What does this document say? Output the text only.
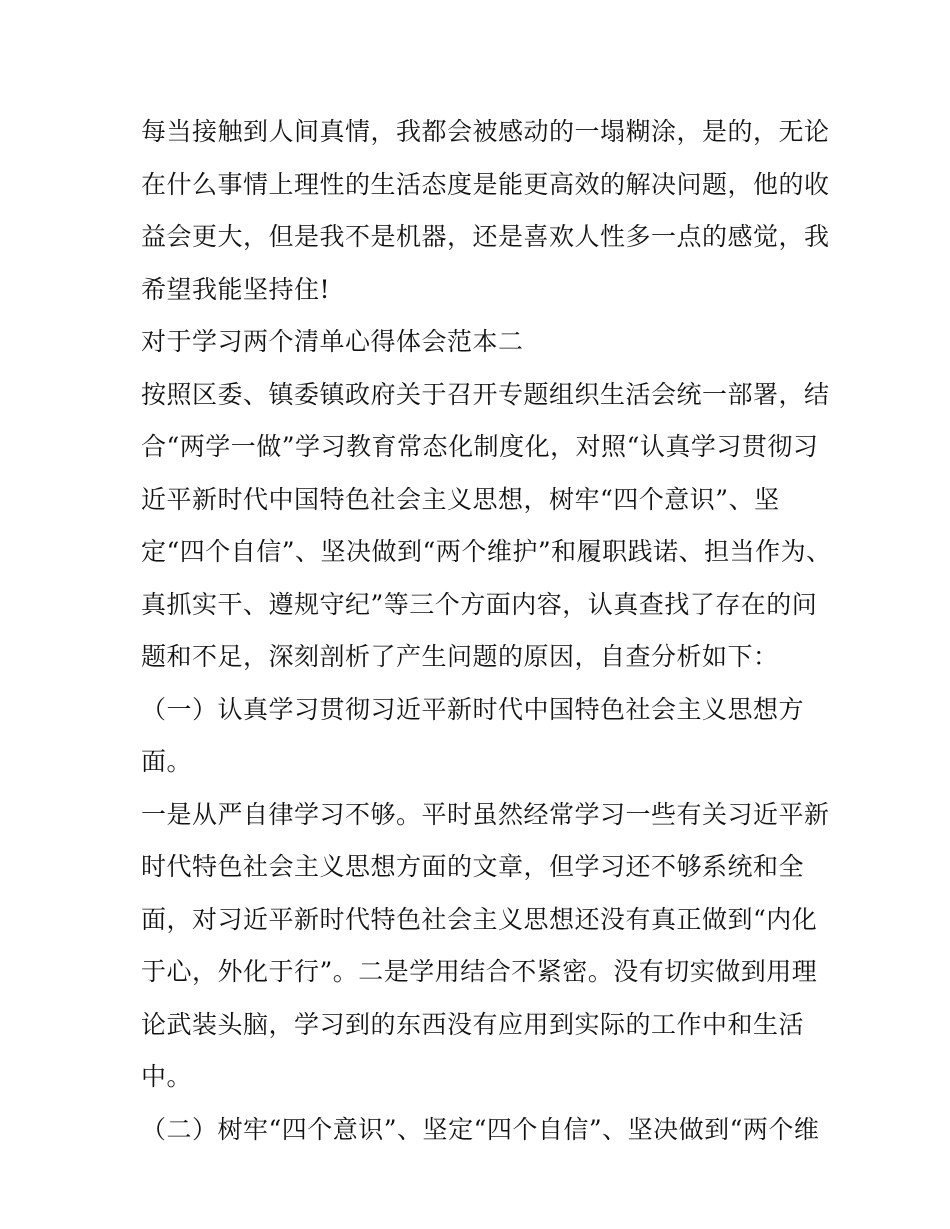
每当接触到人间真情，我都会被感动的一塌糊涂，是的，无论
在什么事情上理性的生活态度是能更高效的解决问题，他的收
益会更大，但是我不是机器，还是喜欢人性多一点的感觉，我
希望我能坚持住!
对于学习两个清单心得体会范本二
按照区委、镇委镇政府关于召开专题组织生活会统一部署，结
合“两学一做”学习教育常态化制度化，对照“认真学习贯彻习
近平新时代中国特色社会主义思想，树牢“四个意识”、坚
定“四个自信”、坚决做到“两个维护”和履职践诺、担当作为、
真抓实干、遵规守纪”等三个方面内容，认真查找了存在的问
题和不足，深刻剖析了产生问题的原因，自查分析如下：
（一）认真学习贯彻习近平新时代中国特色社会主义思想方
面。
一是从严自律学习不够。平时虽然经常学习一些有关习近平新
时代特色社会主义思想方面的文章，但学习还不够系统和全
面，对习近平新时代特色社会主义思想还没有真正做到“内化
于心，外化于行”。二是学用结合不紧密。没有切实做到用理
论武装头脑，学习到的东西没有应用到实际的工作中和生活
中。
（二）树牢“四个意识”、坚定“四个自信”、坚决做到“两个维
